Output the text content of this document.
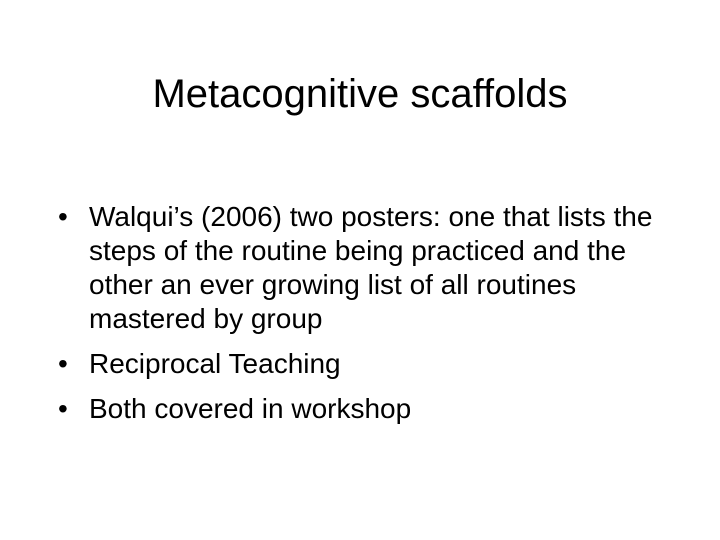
Metacognitive scaffolds
• Walqui’s (2006) two posters: one that lists the steps of the routine being practiced and the other an ever growing list of all routines mastered by group
• Reciprocal Teaching
• Both covered in workshop
